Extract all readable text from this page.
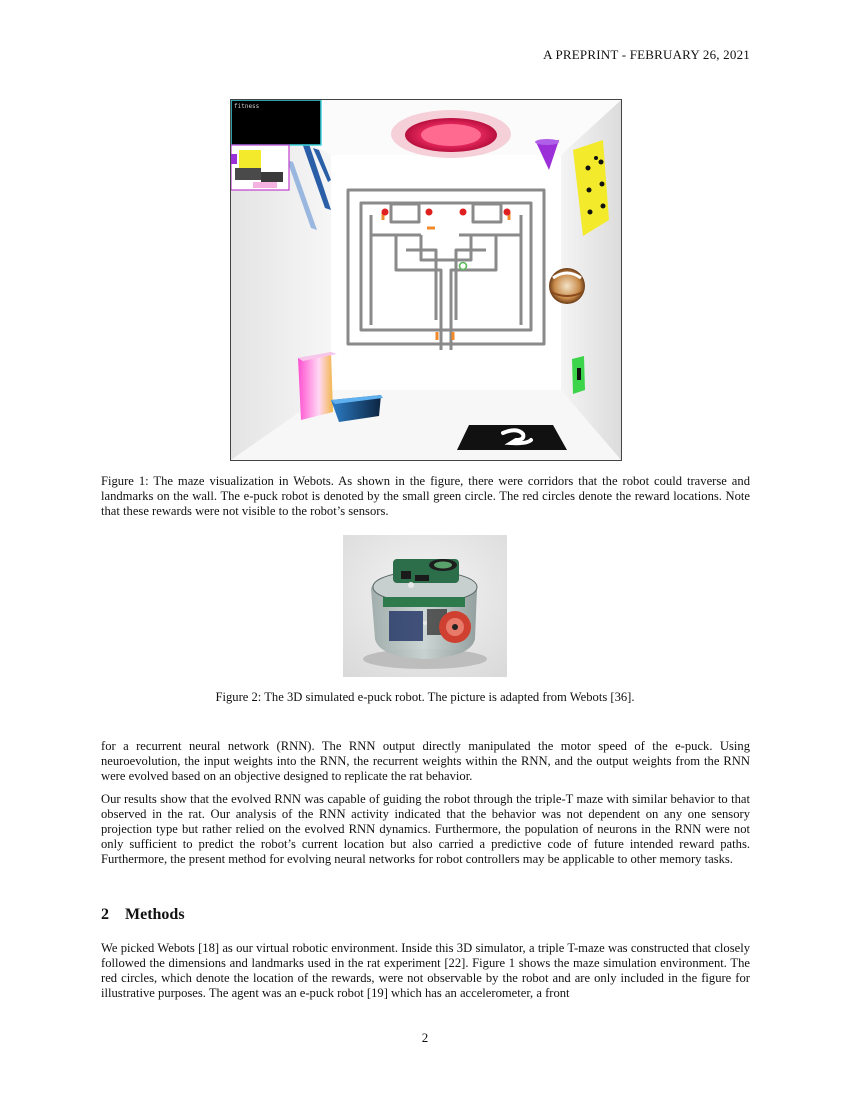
A PREPRINT - FEBRUARY 26, 2021
fitness
Figure 1: The maze visualization in Webots. As shown in the figure, there were corridors that the robot could traverse and landmarks on the wall. The e-puck robot is denoted by the small green circle. The red circles denote the reward locations. Note that these rewards were not visible to the robot’s sensors.
Figure 2: The 3D simulated e-puck robot. The picture is adapted from Webots [36].

for a recurrent neural network (RNN). The RNN output directly manipulated the motor speed of the e-puck. Using neuroevolution, the input weights into the RNN, the recurrent weights within the RNN, and the output weights from the RNN were evolved based on an objective designed to replicate the rat behavior.

Our results show that the evolved RNN was capable of guiding the robot through the triple-T maze with similar behavior to that observed in the rat. Our analysis of the RNN activity indicated that the behavior was not dependent on any one sensory projection type but rather relied on the evolved RNN dynamics. Furthermore, the population of neurons in the RNN were not only sufficient to predict the robot’s current location but also carried a predictive code of future intended reward paths. Furthermore, the present method for evolving neural networks for robot controllers may be applicable to other memory tasks.

2 Methods

We picked Webots [18] as our virtual robotic environment. Inside this 3D simulator, a triple T-maze was constructed that closely followed the dimensions and landmarks used in the rat experiment [22]. Figure 1 shows the maze simulation environment. The red circles, which denote the location of the rewards, were not observable by the robot and are only included in the figure for illustrative purposes. The agent was an e-puck robot [19] which has an accelerometer, a front

2
